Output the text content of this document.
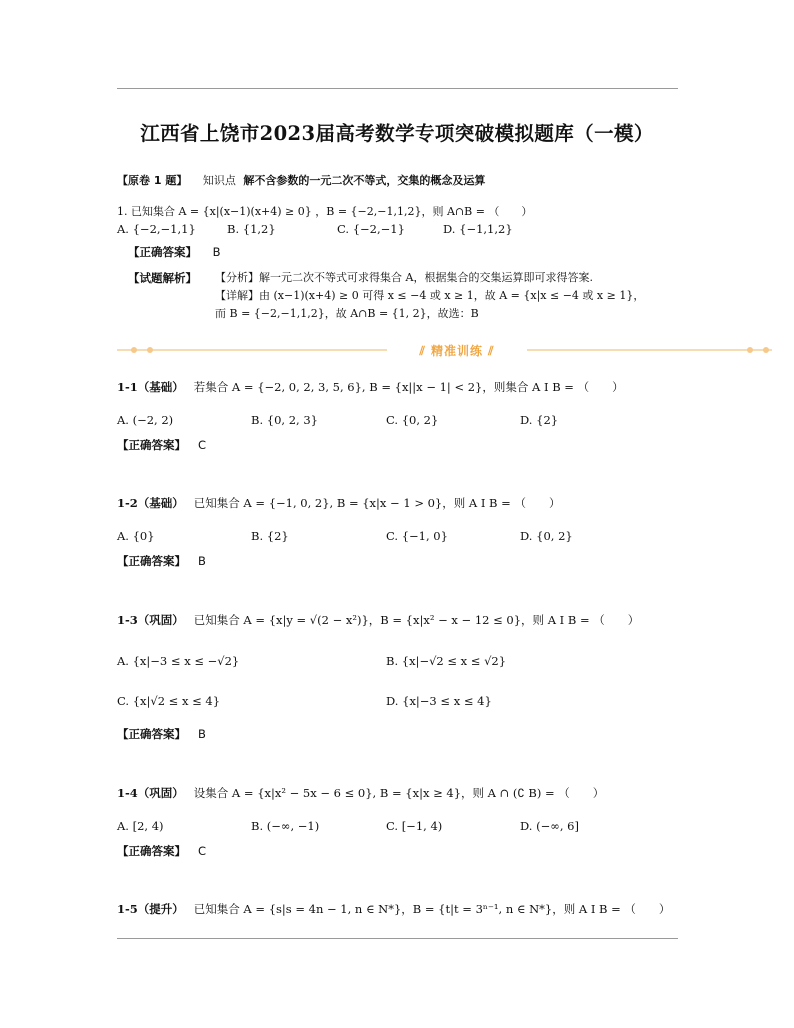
江西省上饶市2023届高考数学专项突破模拟题库（一模）
【原卷 1 题】 知识点 解不含参数的一元二次不等式，交集的概念及运算
1. 已知集合 A = {x|(x−1)(x+4) ≥ 0} ，B = {−2,−1,1,2}，则 A∩B = （　　）
A. {−2,−1,1}	B. {1,2}	C. {−2,−1}	D. {−1,1,2}
【正确答案】 B
【试题解析】 【分析】解一元二次不等式可求得集合 A，根据集合的交集运算即可求得答案.
【详解】由 (x−1)(x+4) ≥ 0 可得 x ≤ −4 或 x ≥ 1，故 A = {x|x ≤ −4 或 x ≥ 1}，
而 B = {−2,−1,1,2}，故 A∩B = {1, 2}，故选：B
⫽ 精准训练 ⫽
1-1（基础） 若集合 A = {−2, 0, 2, 3, 5, 6}, B = {x||x − 1| < 2}，则集合 A I B = （　　）
A. (−2, 2)	B. {0, 2, 3}	C. {0, 2}	D. {2}
【正确答案】 C
1-2（基础） 已知集合 A = {−1, 0, 2}, B = {x|x − 1 > 0}，则 A I B = （　　）
A. {0}	B. {2}	C. {−1, 0}	D. {0, 2}
【正确答案】 B
1-3（巩固） 已知集合 A = {x|y = √(2 − x²)}，B = {x|x² − x − 12 ≤ 0}，则 A I B = （　　）
A. {x|−3 ≤ x ≤ −√2}	B. {x|−√2 ≤ x ≤ √2}
C. {x|√2 ≤ x ≤ 4}	D. {x|−3 ≤ x ≤ 4}
【正确答案】 B
1-4（巩固） 设集合 A = {x|x² − 5x − 6 ≤ 0}, B = {x|x ≥ 4}，则 A ∩ (∁ B) = （　　）
A. [2, 4)	B. (−∞, −1)	C. [−1, 4)	D. (−∞, 6]
【正确答案】 C
1-5（提升） 已知集合 A = {s|s = 4n − 1, n ∈ N*}，B = {t|t = 3ⁿ⁻¹, n ∈ N*}，则 A I B = （　　）
